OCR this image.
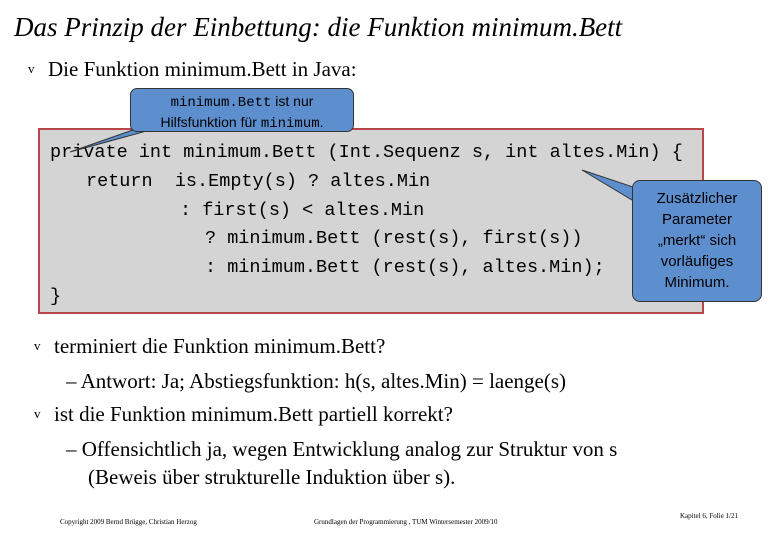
Das Prinzip der Einbettung: die Funktion minimum.Bett
v Die Funktion minimum.Bett in Java:
private int minimum.Bett (Int.Sequenz s, int altes.Min) {
return  is.Empty(s) ? altes.Min
: first(s) < altes.Min
? minimum.Bett (rest(s), first(s))
: minimum.Bett (rest(s), altes.Min);
}
minimum.Bett ist nur
Hilfsfunktion für minimum.
Zusätzlicher
Parameter
„merkt“ sich
vorläufiges
Minimum.
v terminiert die Funktion minimum.Bett?
– Antwort: Ja; Abstiegsfunktion: h(s, altes.Min) = laenge(s)
v ist die Funktion minimum.Bett partiell korrekt?
– Offensichtlich ja, wegen Entwicklung analog zur Struktur von s
(Beweis über strukturelle Induktion über s).
Copyright 2009 Bernd Brügge, Christian Herzog	Grundlagen der Programmierung , TUM Wintersemester 2009/10
Kapitel 6, Folie 1/21
